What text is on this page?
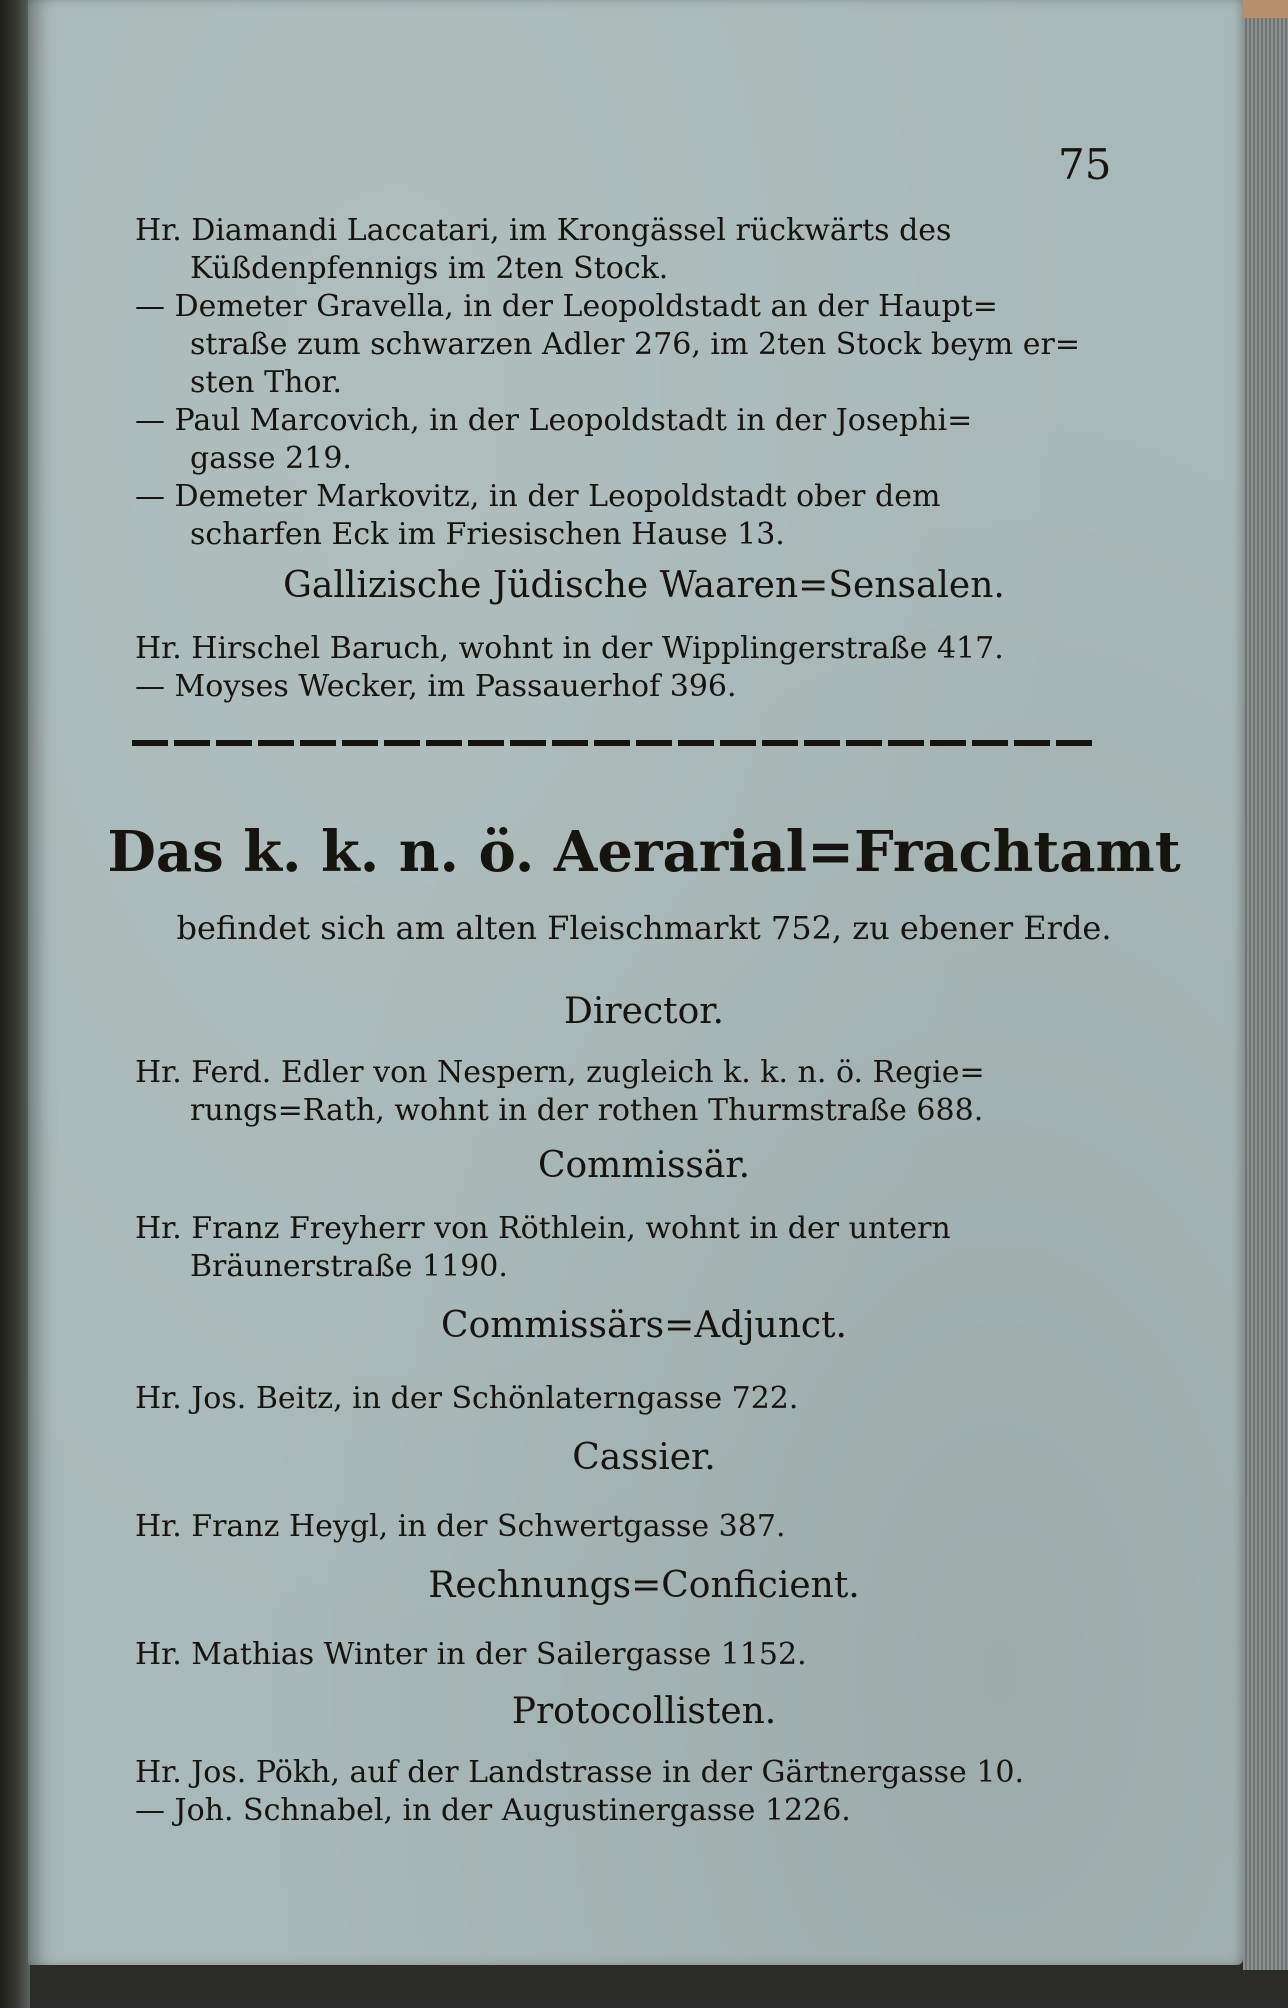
75
Hr. Diamandi Laccatari, im Krongässel rückwärts des
Küßdenpfennigs im 2ten Stock.
— Demeter Gravella, in der Leopoldstadt an der Haupt=
straße zum schwarzen Adler 276, im 2ten Stock beym er=
sten Thor.
— Paul Marcovich, in der Leopoldstadt in der Josephi=
gasse 219.
— Demeter Markovitz, in der Leopoldstadt ober dem
scharfen Eck im Friesischen Hause 13.
Gallizische Jüdische Waaren=Sensalen.
Hr. Hirschel Baruch, wohnt in der Wipplingerstraße 417.
— Moyses Wecker, im Passauerhof 396.
Das k. k. n. ö. Aerarial=Frachtamt
befindet sich am alten Fleischmarkt 752, zu ebener Erde.
Director.
Hr. Ferd. Edler von Nespern, zugleich k. k. n. ö. Regie=
rungs=Rath, wohnt in der rothen Thurmstraße 688.
Commissär.
Hr. Franz Freyherr von Röthlein, wohnt in der untern
Bräunerstraße 1190.
Commissärs=Adjunct.
Hr. Jos. Beitz, in der Schönlaterngasse 722.
Cassier.
Hr. Franz Heygl, in der Schwertgasse 387.
Rechnungs=Conficient.
Hr. Mathias Winter in der Sailergasse 1152.
Protocollisten.
Hr. Jos. Pökh, auf der Landstrasse in der Gärtnergasse 10.
— Joh. Schnabel, in der Augustinergasse 1226.
